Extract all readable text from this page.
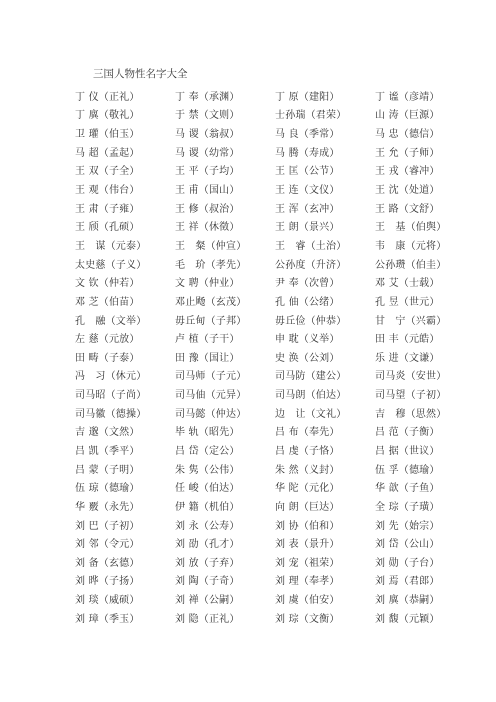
三国人物性名字大全
丁 仪（正礼）	丁 奉（承渊）	丁 原（建阳）	丁 谧（彦靖）
丁 廙（敬礼）	于 禁（文则）	士孙瑞（君荣）	山 涛（巨源）
卫 瓘（伯玉）	马 谡（翁叔）	马 良（季常）	马 忠（德信）
马 超（孟起）	马 谡（幼常）	马 腾（寿成）	王 允（子师）
王 双（子全）	王 平（子均）	王 匡（公节）	王 戎（睿冲）
王 观（伟台）	王 甫（国山）	王 连（文仪）	王 沈（处道）
王 肃（子雍）	王 修（叔治）	王 浑（玄冲）	王 路（文舒）
王 颀（孔硕）	王 祥（休徵）	王 朗（景兴）	王　基（伯舆）
王　谋（元泰）	王　粲（仲宣）	王　睿（土治）	韦　康（元将）
太史慈（子义）	毛　玠（孝先）	公孙度（升济）	公孙瓒（伯圭）
文 钦（仲若）	文 聘（仲业）	尹 奉（次曾）	邓 艾（士载）
邓 芝（伯苗）	邓止飏（玄茂）	孔 伷（公绪）	孔 昱（世元）
孔　融（文举）	毋丘甸（子邦）	毋丘俭（仲恭）	甘　宁（兴霸）
左 慈（元放）	卢 植（子干）	申 耽（义举）	田 丰（元皓）
田 畴（子泰）	田 豫（国让）	史 涣（公刘）	乐 进（文谦）
冯　习（休元）	司马师（子元）	司马防（建公）	司马炎（安世）
司马昭（子尚）	司马伷（元异）	司马朗（伯达）	司马望（子初）
司马徽（德操）	司马懿（仲达）	边　让（文礼）	吉　穆（思然）
吉 邈（文然）	毕 轨（昭先）	吕 布（奉先）	吕 范（子衡）
吕 凯（季平）	吕 岱（定公）	吕 虔（子恪）	吕 据（世议）
吕 蒙（子明）	朱 隽（公伟）	朱 然（义封）	伍 孚（德瑜）
伍 琼（德瑜）	任 峻（伯达）	华 陀（元化）	华 歆（子鱼）
华 覈（永先）	伊 籍（机伯）	向 朗（巨达）	全 琮（子璜）
刘 巴（子初）	刘 永（公寿）	刘 协（伯和）	刘 先（始宗）
刘 邻（令元）	刘 劭（孔才）	刘 表（景升）	刘 岱（公山）
刘 备（玄德）	刘 放（子弃）	刘 宠（祖荣）	刘 勋（子台）
刘 晔（子扬）	刘 陶（子奇）	刘 理（奉孝）	刘 焉（君郎）
刘 琰（威硕）	刘 禅（公嗣）	刘 虞（伯安）	刘 廙（恭嗣）
刘 璋（季玉）	刘 隐（正礼）	刘 琮（文衡）	刘 馥（元颖）
